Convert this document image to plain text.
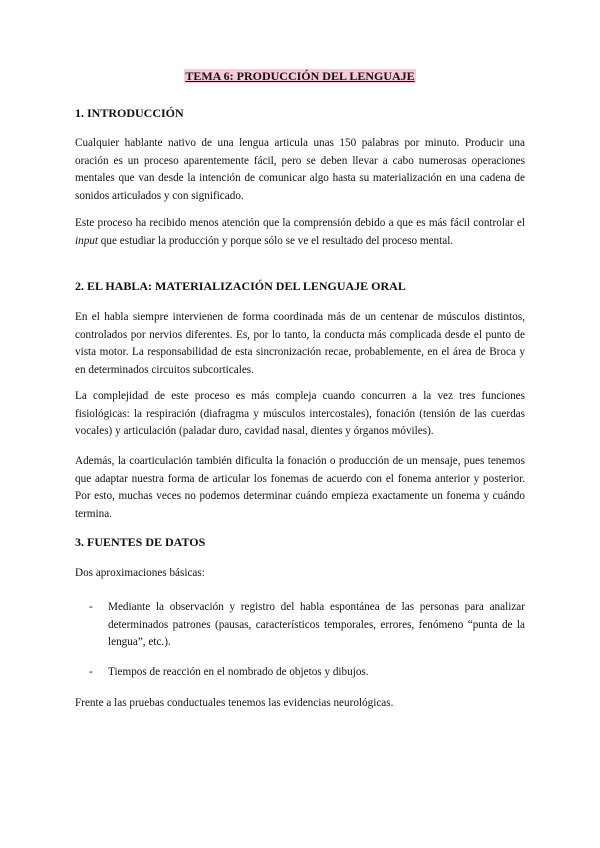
TEMA 6: PRODUCCIÓN DEL LENGUAJE
1. INTRODUCCIÓN

Cualquier hablante nativo de una lengua articula unas 150 palabras por minuto. Producir una oración es un proceso aparentemente fácil, pero se deben llevar a cabo numerosas operaciones mentales que van desde la intención de comunicar algo hasta su materialización en una cadena de sonidos articulados y con significado.

Este proceso ha recibido menos atención que la comprensión debido a que es más fácil controlar el input que estudiar la producción y porque sólo se ve el resultado del proceso mental.

2. EL HABLA: MATERIALIZACIÓN DEL LENGUAJE ORAL

En el habla siempre intervienen de forma coordinada más de un centenar de músculos distintos, controlados por nervios diferentes. Es, por lo tanto, la conducta más complicada desde el punto de vista motor. La responsabilidad de esta sincronización recae, probablemente, en el área de Broca y en determinados circuitos subcorticales.

La complejidad de este proceso es más compleja cuando concurren a la vez tres funciones fisiológicas: la respiración (diafragma y músculos intercostales), fonación (tensión de las cuerdas vocales) y articulación (paladar duro, cavidad nasal, dientes y órganos móviles).

Además, la coarticulación también dificulta la fonación o producción de un mensaje, pues tenemos que adaptar nuestra forma de articular los fonemas de acuerdo con el fonema anterior y posterior. Por esto, muchas veces no podemos determinar cuándo empieza exactamente un fonema y cuándo termina.

3. FUENTES DE DATOS

Dos aproximaciones básicas:

- Mediante la observación y registro del habla espontánea de las personas para analizar determinados patrones (pausas, característicos temporales, errores, fenómeno “punta de la lengua”, etc.).

- Tiempos de reacción en el nombrado de objetos y dibujos.

Frente a las pruebas conductuales tenemos las evidencias neurológicas.
